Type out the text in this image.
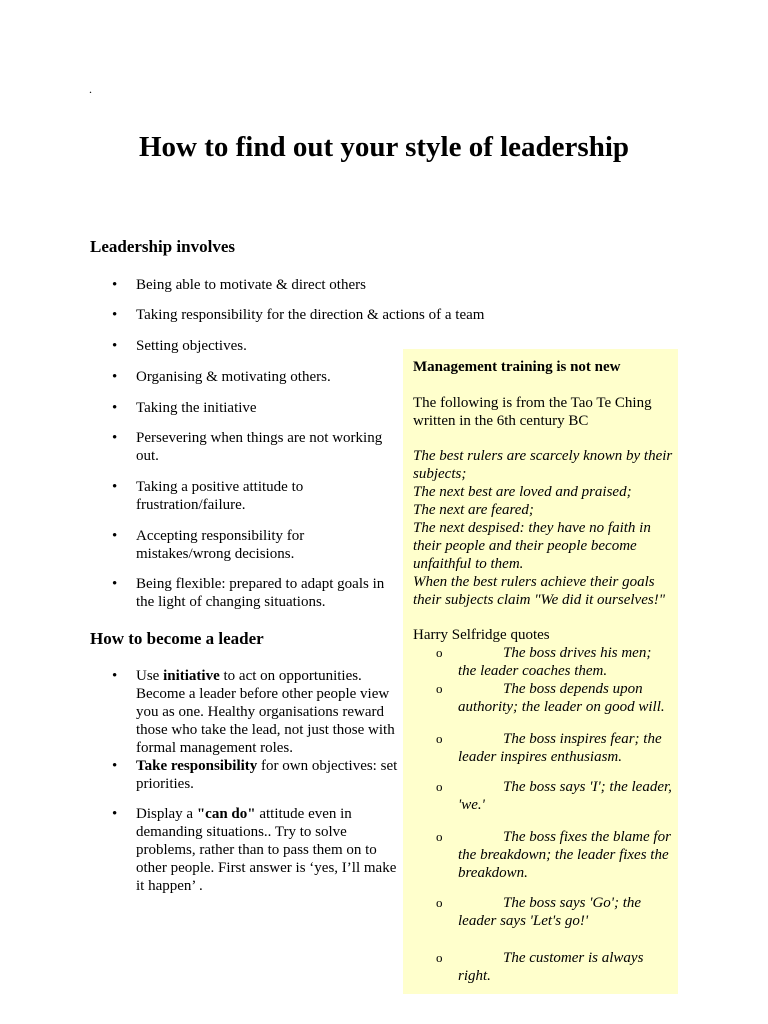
.
How to find out your style of leadership
Leadership involves
• Being able to motivate & direct others
• Taking responsibility for the direction & actions of a team
• Setting objectives.
• Organising & motivating others.
• Taking the initiative
• Persevering when things are not working out.
• Taking a positive attitude to frustration/failure.
• Accepting responsibility for mistakes/wrong decisions.
• Being flexible: prepared to adapt goals in the light of changing situations.
How to become a leader
• Use initiative to act on opportunities. Become a leader before other people view you as one. Healthy organisations reward those who take the lead, not just those with formal management roles.
• Take responsibility for own objectives: set priorities.
• Display a "can do" attitude even in demanding situations.. Try to solve problems, rather than to pass them on to other people. First answer is ‘yes, I’ll make it happen’ .
Management training is not new
The following is from the Tao Te Ching written in the 6th century BC
The best rulers are scarcely known by their subjects;
The next best are loved and praised;
The next are feared;
The next despised: they have no faith in their people and their people become unfaithful to them.
When the best rulers achieve their goals their subjects claim "We did it ourselves!"
Harry Selfridge quotes
o	The boss drives his men; the leader coaches them.
o	The boss depends upon authority; the leader on good will.
o	The boss inspires fear; the leader inspires enthusiasm.
o	The boss says 'I'; the leader, 'we.'
o	The boss fixes the blame for the breakdown; the leader fixes the breakdown.
o	The boss says 'Go'; the leader says 'Let's go!'
o	The customer is always right.
